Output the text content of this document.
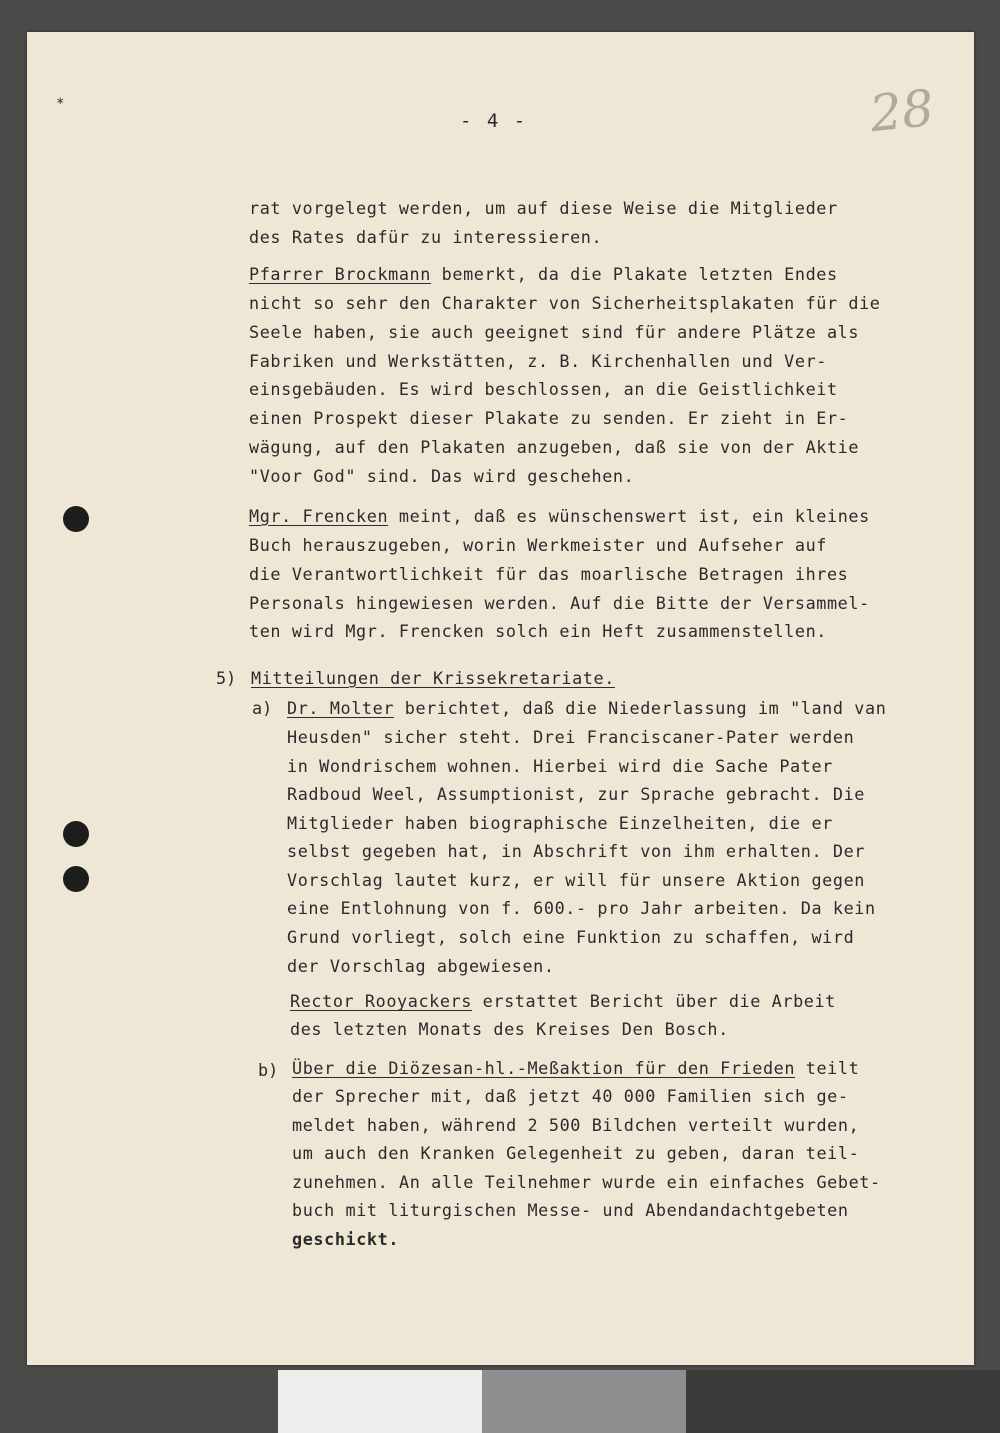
*
- 4 -	28
rat vorgelegt werden, um auf diese Weise die Mitglieder
des Rates dafür zu interessieren.
Pfarrer Brockmann bemerkt, da die Plakate letzten Endes
nicht so sehr den Charakter von Sicherheitsplakaten für die
Seele haben, sie auch geeignet sind für andere Plätze als
Fabriken und Werkstätten, z. B. Kirchenhallen und Ver-
einsgebäuden. Es wird beschlossen, an die Geistlichkeit
einen Prospekt dieser Plakate zu senden. Er zieht in Er-
wägung, auf den Plakaten anzugeben, daß sie von der Aktie
"Voor God" sind. Das wird geschehen.
Mgr. Frencken meint, daß es wünschenswert ist, ein kleines
Buch herauszugeben, worin Werkmeister und Aufseher auf
die Verantwortlichkeit für das moarlische Betragen ihres
Personals hingewiesen werden. Auf die Bitte der Versammel-
ten wird Mgr. Frencken solch ein Heft zusammenstellen.
5) Mitteilungen der Krissekretariate.
a) Dr. Molter berichtet, daß die Niederlassung im "land van
Heusden" sicher steht. Drei Franciscaner-Pater werden
in Wondrischem wohnen. Hierbei wird die Sache Pater
Radboud Weel, Assumptionist, zur Sprache gebracht. Die
Mitglieder haben biographische Einzelheiten, die er
selbst gegeben hat, in Abschrift von ihm erhalten. Der
Vorschlag lautet kurz, er will für unsere Aktion gegen
eine Entlohnung von f. 600.- pro Jahr arbeiten. Da kein
Grund vorliegt, solch eine Funktion zu schaffen, wird
der Vorschlag abgewiesen.
Rector Rooyackers erstattet Bericht über die Arbeit
des letzten Monats des Kreises Den Bosch.
b) Über die Diözesan-hl.-Meßaktion für den Frieden teilt
der Sprecher mit, daß jetzt 40 000 Familien sich ge-
meldet haben, während 2 500 Bildchen verteilt wurden,
um auch den Kranken Gelegenheit zu geben, daran teil-
zunehmen. An alle Teilnehmer wurde ein einfaches Gebet-
buch mit liturgischen Messe- und Abendandachtgebeten
geschickt.
